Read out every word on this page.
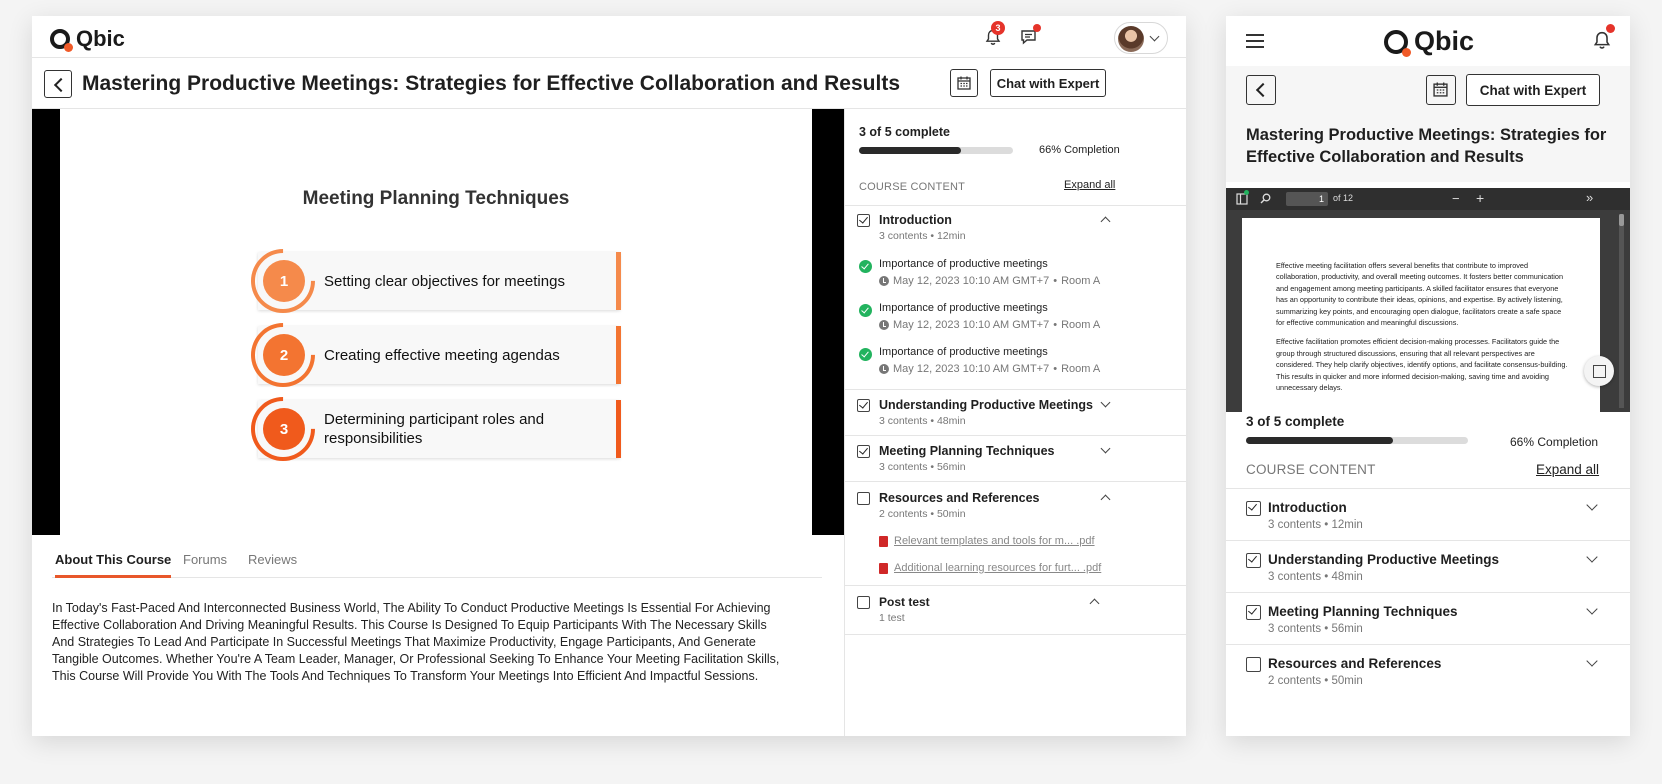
Qbic	3
Mastering Productive Meetings: Strategies for Effective Collaboration and Results	Chat with Expert
Meeting Planning Techniques
1	Setting clear objectives for meetings
2	Creating effective meeting agendas
3
Determining participant roles and responsibilities
About This Course Forums Reviews

In Today's Fast-Paced And Interconnected Business World, The Ability To Conduct Productive Meetings Is Essential For Achieving Effective Collaboration And Driving Meaningful Results. This Course Is Designed To Equip Participants With The Necessary Skills And Strategies To Lead And Participate In Successful Meetings That Maximize Productivity, Engage Participants, And Generate Tangible Outcomes. Whether You're A Team Leader, Manager, Or Professional Seeking To Enhance Your Meeting Facilitation Skills, This Course Will Provide You With The Tools And Techniques To Transform Your Meetings Into Efficient And Impactful Sessions.

3 of 5 complete
66% Completion
COURSE CONTENT	Expand all
Introduction
3 contents • 12min
Importance of productive meetings
May 12, 2023 10:10 AM GMT+7 • Room A
Importance of productive meetings
May 12, 2023 10:10 AM GMT+7 • Room A
Importance of productive meetings
May 12, 2023 10:10 AM GMT+7 • Room A
Understanding Productive Meetings
3 contents • 48min
Meeting Planning Techniques
3 contents • 56min
Resources and References
2 contents • 50min
Relevant templates and tools for m... .pdf
Additional learning resources for furt... .pdf
Post test
1 test
Qbic
Chat with Expert
Mastering Productive Meetings: Strategies for Effective Collaboration and Results
1	of 12	− +	»

Effective meeting facilitation offers several benefits that contribute to improved collaboration, productivity, and overall meeting outcomes. It fosters better communication and engagement among meeting participants. A skilled facilitator ensures that everyone has an opportunity to contribute their ideas, opinions, and expertise. By actively listening, summarizing key points, and encouraging open dialogue, facilitators create a safe space for effective communication and meaningful discussions.

Effective facilitation promotes efficient decision-making processes. Facilitators guide the group through structured discussions, ensuring that all relevant perspectives are considered. They help clarify objectives, identify options, and facilitate consensus-building. This results in quicker and more informed decision-making, saving time and avoiding unnecessary delays.

3 of 5 complete
66% Completion
COURSE CONTENT	Expand all
Introduction
3 contents • 12min
Understanding Productive Meetings
3 contents • 48min
Meeting Planning Techniques
3 contents • 56min
Resources and References
2 contents • 50min
